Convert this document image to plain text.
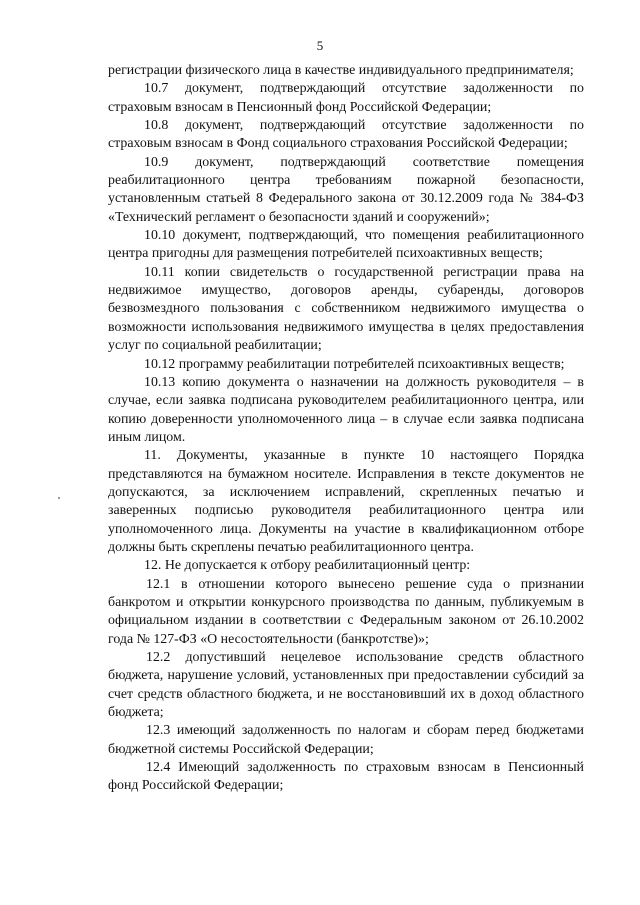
5

регистрации физического лица в качестве индивидуального предпринимателя;

10.7 документ, подтверждающий отсутствие задолженности по страховым взносам в Пенсионный фонд Российской Федерации;

10.8 документ, подтверждающий отсутствие задолженности по страховым взносам в Фонд социального страхования Российской Федерации;

10.9 документ, подтверждающий соответствие помещения реабилитационного центра требованиям пожарной безопасности, установленным статьей 8 Федерального закона от 30.12.2009 года № 384-ФЗ «Технический регламент о безопасности зданий и сооружений»;

10.10 документ, подтверждающий, что помещения реабилитационного центра пригодны для размещения потребителей психоактивных веществ;

10.11 копии свидетельств о государственной регистрации права на недвижимое имущество, договоров аренды, субаренды, договоров безвозмездного пользования с собственником недвижимого имущества о возможности использования недвижимого имущества в целях предоставления услуг по социальной реабилитации;

10.12 программу реабилитации потребителей психоактивных веществ;

10.13 копию документа о назначении на должность руководителя – в случае, если заявка подписана руководителем реабилитационного центра, или копию доверенности уполномоченного лица – в случае если заявка подписана иным лицом.

11. Документы, указанные в пункте 10 настоящего Порядка представляются на бумажном носителе. Исправления в тексте документов не допускаются, за исключением исправлений, скрепленных печатью и заверенных подписью руководителя реабилитационного центра или уполномоченного лица. Документы на участие в квалификационном отборе должны быть скреплены печатью реабилитационного центра.

12. Не допускается к отбору реабилитационный центр:

12.1 в отношении которого вынесено решение суда о признании банкротом и открытии конкурсного производства по данным, публикуемым в официальном издании в соответствии с Федеральным законом от 26.10.2002 года № 127-ФЗ «О несостоятельности (банкротстве)»;

12.2 допустивший нецелевое использование средств областного бюджета, нарушение условий, установленных при предоставлении субсидий за счет средств областного бюджета, и не восстановивший их в доход областного бюджета;

12.3 имеющий задолженность по налогам и сборам перед бюджетами бюджетной системы Российской Федерации;

12.4 Имеющий задолженность по страховым взносам в Пенсионный фонд Российской Федерации;
